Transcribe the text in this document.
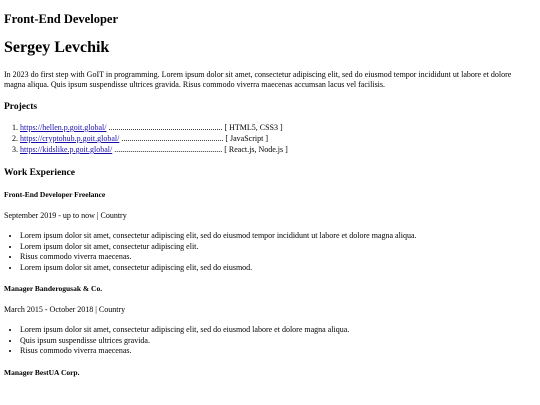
Front-End Developer
Sergey Levchik

In 2023 do first step with GoIT in programming. Lorem ipsum dolor sit amet, consectetur adipiscing elit, sed do eiusmod tempor incididunt ut labore et dolore magna aliqua. Quis ipsum suspendisse ultrices gravida. Risus commodo viverra maecenas accumsan lacus vel facilisis.

Projects
1. https://hellen.p.goit.global/ ......................................................... [ HTML5, CSS3 ]
2. https://cryptohub.p.goit.global/ ................................................... [ JavaScript ]
3. https://kidslike.p.goit.global/ ...................................................... [ React.js, Node.js ]
Work Experience
Front-End Developer Freelance

September 2019 - up to now | Country

• Lorem ipsum dolor sit amet, consectetur adipiscing elit, sed do eiusmod tempor incididunt ut labore et dolore magna aliqua.
• Lorem ipsum dolor sit amet, consectetur adipiscing elit.
• Risus commodo viverra maecenas.
• Lorem ipsum dolor sit amet, consectetur adipiscing elit, sed do eiusmod.
Manager Banderogusak & Co.

March 2015 - October 2018 | Country

• Lorem ipsum dolor sit amet, consectetur adipiscing elit, sed do eiusmod labore et dolore magna aliqua.
• Quis ipsum suspendisse ultrices gravida.
• Risus commodo viverra maecenas.
Manager BestUA Corp.
